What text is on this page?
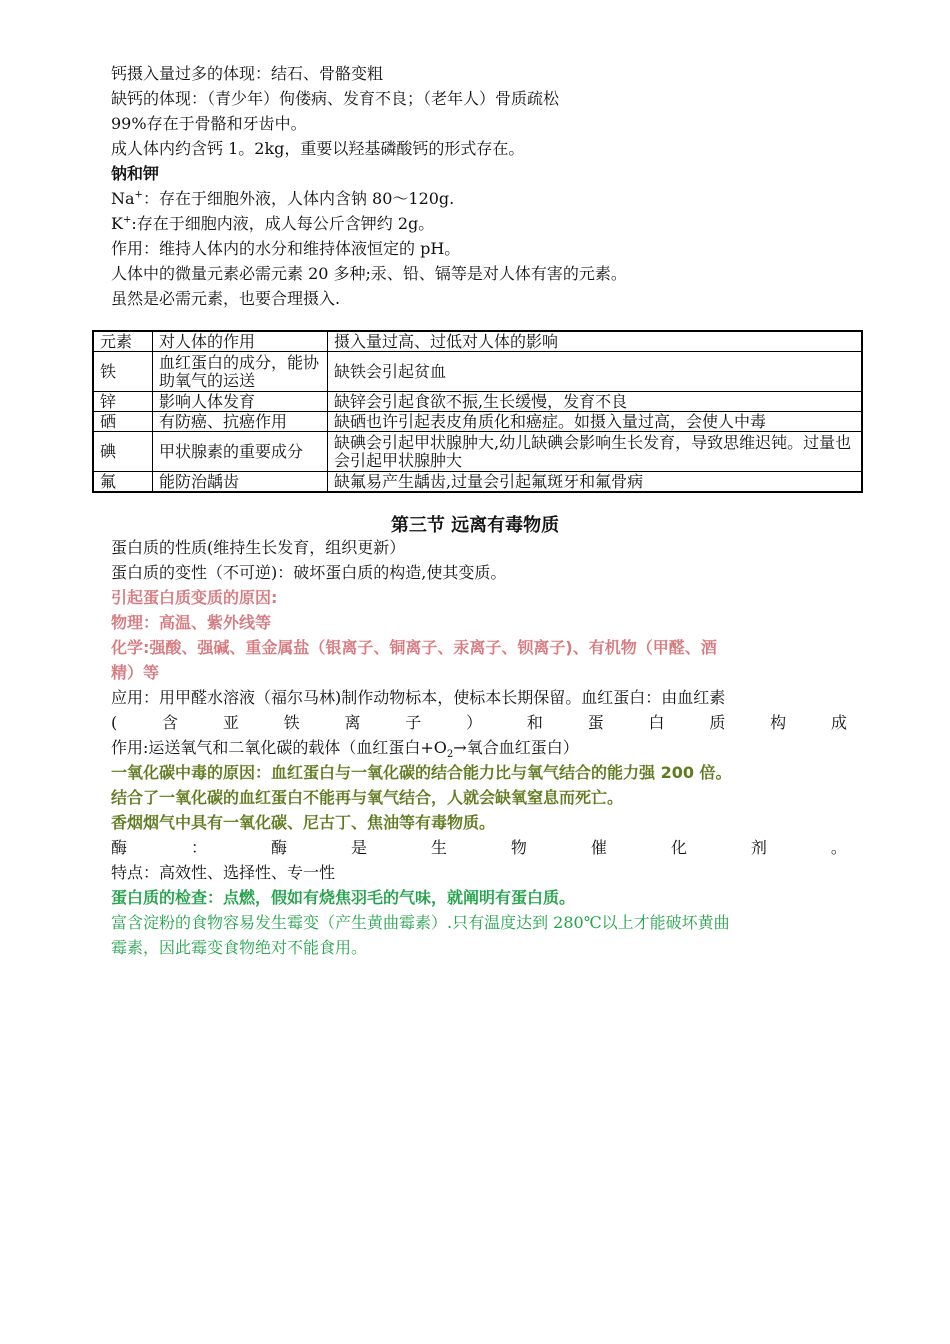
钙摄入量过多的体现：结石、骨骼变粗
缺钙的体现：（青少年）佝偻病、发育不良；（老年人）骨质疏松
99%存在于骨骼和牙齿中。
成人体内约含钙 1。2kg，重要以羟基磷酸钙的形式存在。
钠和钾
Na+：存在于细胞外液，人体内含钠 80～120g.
K+:存在于细胞内液，成人每公斤含钾约 2g。
作用：维持人体内的水分和维持体液恒定的 pH。
人体中的微量元素必需元素 20 多种;汞、铅、镉等是对人体有害的元素。
虽然是必需元素，也要合理摄入.
元素	对人体的作用	摄入量过高、过低对人体的影响
铁	血红蛋白的成分，能协助氧气的运送	缺铁会引起贫血
锌	影响人体发育	缺锌会引起食欲不振,生长缓慢，发育不良
硒	有防癌、抗癌作用	缺硒也许引起表皮角质化和癌症。如摄入量过高，会使人中毒
碘	甲状腺素的重要成分	缺碘会引起甲状腺肿大,幼儿缺碘会影响生长发育，导致思维迟钝。过量也会引起甲状腺肿大
氟	能防治龋齿	缺氟易产生龋齿,过量会引起氟斑牙和氟骨病
第三节 远离有毒物质
蛋白质的性质(维持生长发育，组织更新）
蛋白质的变性（不可逆)：破坏蛋白质的构造,使其变质。
引起蛋白质变质的原因:
物理：高温、紫外线等
化学:强酸、强碱、重金属盐（银离子、铜离子、汞离子、钡离子)、有机物（甲醛、酒
精）等
应用：用甲醛水溶液（福尔马林)制作动物标本，使标本长期保留。血红蛋白：由血红素
(	含	亚	铁	离	子	）	和	蛋	白	质	构	成
作用:运送氧气和二氧化碳的载体（血红蛋白$+O_2\to$氧合血红蛋白）
一氧化碳中毒的原因：血红蛋白与一氧化碳的结合能力比与氧气结合的能力强 200 倍。
结合了一氧化碳的血红蛋白不能再与氧气结合，人就会缺氧窒息而死亡。
香烟烟气中具有一氧化碳、尼古丁、焦油等有毒物质。
酶	：	酶	是	生	物	催	化	剂	。
特点：高效性、选择性、专一性
蛋白质的检查：点燃，假如有烧焦羽毛的气味，就阐明有蛋白质。
富含淀粉的食物容易发生霉变（产生黄曲霉素）.只有温度达到 280℃以上才能破坏黄曲
霉素，因此霉变食物绝对不能食用。
